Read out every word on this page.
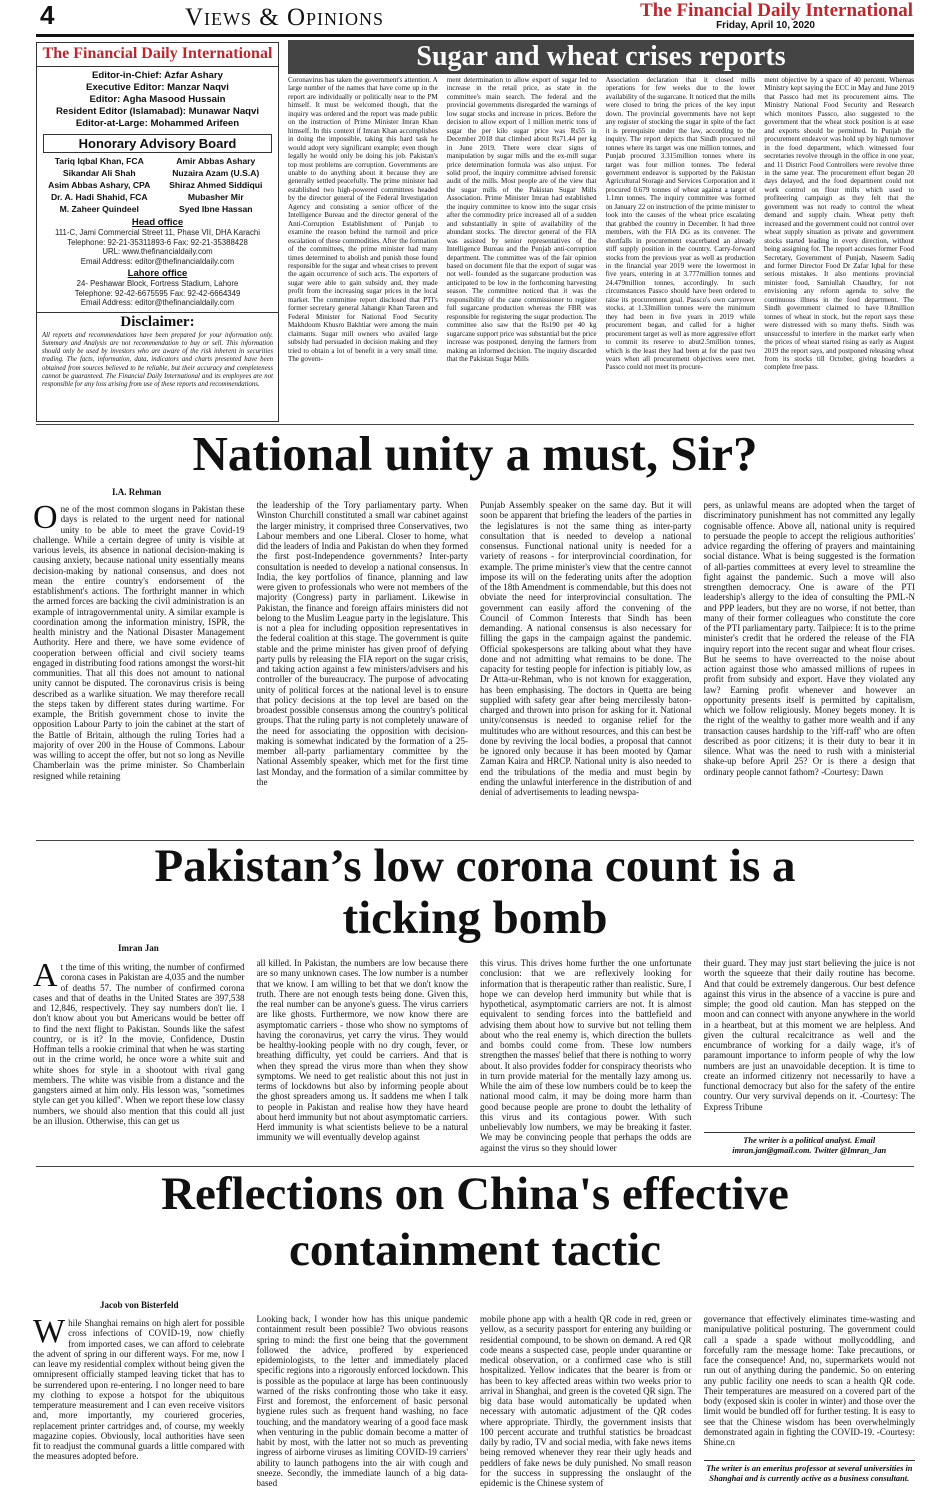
4	Views & Opinions	The Financial Daily International
Friday, April 10, 2020
The Financial Daily International
Editor-in-Chief: Azfar Ashary
Executive Editor: Manzar Naqvi
Editor: Agha Masood Hussain
Resident Editor (Islamabad): Munawar Naqvi
Editor-at-Large: Mohammed Arifeen
Honorary Advisory Board

Tariq Iqbal Khan, FCA

Sikandar Ali Shah

Asim Abbas Ashary, CPA

Dr. A. Hadi Shahid, FCA

M. Zaheer Quindeel

Amir Abbas Ashary

Nuzaira Azam (U.S.A)

Shiraz Ahmed Siddiqui

Mubasher Mir

Syed Ibne Hassan

Head office

111-C, Jami Commercial Street 11, Phase VII, DHA Karachi

Telephone: 92-21-35311893-6 Fax: 92-21-35388428

URL: www.thefinancialdaily.com

Email Address: editor@thefinancialdaily.com

Lahore office

24- Peshawar Block, Fortress Stadium, Lahore

Telephone: 92-42-6675595 Fax: 92-42-6664349

Email Address: editor@thefinancialdaily.com

Disclaimer:
All reports and recommendations have been prepared for your information only. Summary and Analysis are not recommendation to buy or sell. This information should only be used by investors who are aware of the risk inherent in securities trading. The facts, information, data, indicators and charts presented have been obtained from sources believed to be reliable, but their accuracy and completeness cannot be guaranteed. The Financial Daily International and its employees are not responsible for any loss arising from use of these reports and recommendations.
Sugar and wheat crises reports
Coronavirus has taken the government's attention. A large number of the names that have come up in the report are individually or politically near to the PM himself. It must be welcomed though, that the inquiry was ordered and the report was made public on the instruction of Prime Minister Imran Khan himself. In this context if Imran Khan accomplishes in doing the impossible, taking this hard task he would adopt very significant example; even though legally he would only be doing his job. Pakistan's top most problems are corruption. Governments are unable to do anything about it because they are generally settled peacefully. The prime minister had established two high-powered committees headed by the director general of the Federal Investigation Agency and consisting a senior officer of the Intelligence Bureau and the director general of the Anti-Corruption Establishment of Punjab to examine the reason behind the turmoil and price escalation of these commodities. After the formation of the committees, the prime minister had many times determined to abolish and punish those found responsible for the sugar and wheat crises to prevent the again occurrence of such acts. The exporters of sugar were able to gain subsidy and, they made profit from the increasing sugar prices in the local market. The committee report disclosed that PTI's former secretary general Jahangir Khan Tareen and Federal Minister for National Food Security Makhdoom Khusro Bakhtiar were among the main claimants. Sugar mill owners who availed large subsidy had persuaded in decision making and they tried to obtain a lot of benefit in a very small time. The govern-
ment determination to allow export of sugar led to increase in the retail price, as state in the committee's main search. The federal and the provincial governments disregarded the warnings of low sugar stocks and increase in prices. Before the decision to allow export of 1 million metric tons of sugar the per kilo sugar price was Rs55 in December 2018 that climbed about Rs71.44 per kg in June 2019. There were clear signs of manipulation by sugar mills and the ex-mill sugar price determination formula was also unjust. For solid proof, the inquiry committee advised forensic audit of the mills. Most people are of the view that the sugar mills of the Pakistan Sugar Mills Association. Prime Minister Imran had established the inquiry committee to know into the sugar crisis after the commodity price increased all of a sudden and substantially in spite of availability of the abundant stocks. The director general of the FIA was assisted by senior representatives of the Intelligence Bureau and the Punjab anti-corruption department. The committee was of the fair opinion based on document file that the export of sugar was not well- founded as the sugarcane production was anticipated to be low in the forthcoming harvesting season. The committee noticed that it was the responsibility of the cane commissioner to register full sugarcane production whereas the FBR was responsible for registering the sugar production. The committee also saw that the Rs190 per 40 kg sugarcane support price was substantial but the price increase was postponed, denying the farmers from making an informed decision. The inquiry discarded that the Pakistan Sugar Mills
Association declaration that it closed mills operations for few weeks due to the lower availability of the sugarcane. It noticed that the mills were closed to bring the prices of the key input down. The provincial governments have not kept any register of stocking the sugar in spite of the fact it is prerequisite under the law, according to the inquiry. The report depicts that Sindh procured nil tonnes where its target was one million tonnes, and Punjab procured 3.315million tonnes where its target was four million tonnes. The federal government endeavor is supported by the Pakistan Agricultural Storage and Services Corporation and it procured 0.679 tonnes of wheat against a target of 1.1mn tonnes. The inquiry committee was formed on January 22 on instruction of the prime minister to look into the causes of the wheat price escalating that grabbed the country in December. It had three members, with the FIA DG as its convener. The shortfalls in procurement exacerbated an already stiff supply position in the country. Carry-forward stocks from the previous year as well as production in the financial year 2019 were the lowermost in five years, entering in at 3.777million tonnes and 24.479million tonnes, accordingly. In such circumstances Passco should have been ordered to raise its procurement goal. Passco's own carryover stocks, at 1.33million tonnes were the minimum they had been in five years in 2019 while procurement began, and called for a higher procurement target as well as more aggressive effort to commit its reserve to abut2.5million tonnes, which is the least they had been at for the past two years when all procurement objectives were met. Passco could not meet its procure-
ment objective by a space of 40 percent. Whereas Ministry kept saying the ECC in May and June 2019 that Passco had met its procurement aims. The Ministry National Food Security and Research which monitors Passco, also suggested to the government that the wheat stock position is at ease and exports should be permitted. In Punjab the procurement endeavor was hold up by high turnover in the food department, which witnessed four secretaries revolve through in the office in one year, and 11 District Food Controllers were revolve three in the same year. The procurement effort began 20 days delayed, and the food department could not work control on flour mills which used to profiteering campaign as they felt that the government was not ready to control the wheat demand and supply chain. Wheat petty theft increased and the government could not control over wheat supply situation as private and government stocks started leading in every direction, without being assigning for. The report accuses former Food Secretary, Government of Punjab, Naseem Sadiq and former Director Food Dr Zafar Iqbal for these serious mistakes. It also mentions provincial minister food, Samiullah Chaudhry, for not envisioning any reform agenda to solve the continuous illness in the food department. The Sindh government claimed to have 0.8million tonnes of wheat in stock, but the report says these were distressed with so many thefts. Sindh was unsuccessful to interfere in the market early when the prices of wheat started rising as early as August 2019 the report says, and postponed releasing wheat from its stocks till October, giving hoarders a complete free pass.
National unity a must, Sir?
I.A. Rehman
One of the most common slogans in Pakistan these days is related to the urgent need for national unity to be able to meet the grave Covid-19 challenge. While a certain degree of unity is visible at various levels, its absence in national decision-making is causing anxiety, because national unity essentially means decision-making by national consensus, and does not mean the entire country's endorsement of the establishment's actions. The forthright manner in which the armed forces are backing the civil administration is an example of intragovernmental unity. A similar example is coordination among the information ministry, ISPR, the health ministry and the National Disaster Management Authority. Here and there, we have some evidence of cooperation between official and civil society teams engaged in distributing food rations amongst the worst-hit communities. That all this does not amount to national unity cannot be disputed. The coronavirus crisis is being described as a warlike situation. We may therefore recall the steps taken by different states during wartime. For example, the British government chose to invite the opposition Labour Party to join the cabinet at the start of the Battle of Britain, although the ruling Tories had a majority of over 200 in the House of Commons. Labour was willing to accept the offer, but not so long as Neville Chamberlain was the prime minister. So Chamberlain resigned while retaining
the leadership of the Tory parliamentary party. When Winston Churchill constituted a small war cabinet against the larger ministry, it comprised three Conservatives, two Labour members and one Liberal. Closer to home, what did the leaders of India and Pakistan do when they formed the first post-Independence governments? Inter-party consultation is needed to develop a national consensus. In India, the key portfolios of finance, planning and law were given to professionals who were not members of the majority (Congress) party in parliament. Likewise in Pakistan, the finance and foreign affairs ministers did not belong to the Muslim League party in the legislature. This is not a plea for including opposition representatives in the federal coalition at this stage. The government is quite stable and the prime minister has given proof of defying party pulls by releasing the FIA report on the sugar crisis, and taking action against a few ministers/advisers and his controller of the bureaucracy. The purpose of advocating unity of political forces at the national level is to ensure that policy decisions at the top level are based on the broadest possible consensus among the country's political groups. That the ruling party is not completely unaware of the need for associating the opposition with decision-making is somewhat indicated by the formation of a 25-member all-party parliamentary committee by the National Assembly speaker, which met for the first time last Monday, and the formation of a similar committee by the
Punjab Assembly speaker on the same day. But it will soon be apparent that briefing the leaders of the parties in the legislatures is not the same thing as inter-party consultation that is needed to develop a national consensus. Functional national unity is needed for a variety of reasons - for interprovincial coordination, for example. The prime minister's view that the centre cannot impose its will on the federating units after the adoption of the 18th Amendment is commendable, but this does not obviate the need for interprovincial consultation. The government can easily afford the convening of the Council of Common Interests that Sindh has been demanding. A national consensus is also necessary for filling the gaps in the campaign against the pandemic. Official spokespersons are talking about what they have done and not admitting what remains to be done. The capacity for testing people for infection is pitiably low, as Dr Atta-ur-Rehman, who is not known for exaggeration, has been emphasising. The doctors in Quetta are being supplied with safety gear after being mercilessly baton-charged and thrown into prison for asking for it. National unity/consensus is needed to organise relief for the multitudes who are without resources, and this can best be done by reviving the local bodies, a proposal that cannot be ignored only because it has been mooted by Qamar Zaman Kaira and HRCP. National unity is also needed to end the tribulations of the media and must begin by ending the unlawful interference in the distribution of and denial of advertisements to leading newspa-
pers, as unlawful means are adopted when the target of discriminatory punishment has not committed any legally cognisable offence. Above all, national unity is required to persuade the people to accept the religious authorities' advice regarding the offering of prayers and maintaining social distance. What is being suggested is the formation of all-parties committees at every level to streamline the fight against the pandemic. Such a move will also strengthen democracy. One is aware of the PTI leadership's allergy to the idea of consulting the PML-N and PPP leaders, but they are no worse, if not better, than many of their former colleagues who constitute the core of the PTI parliamentary party. Tailpiece: It is to the prime minister's credit that he ordered the release of the FIA inquiry report into the recent sugar and wheat flour crises. But he seems to have overreacted to the noise about action against those who amassed millions of rupees in profit from subsidy and export. Have they violated any law? Earning profit whenever and however an opportunity presents itself is permitted by capitalism, which we follow religiously. Money begets money. It is the right of the wealthy to gather more wealth and if any transaction causes hardship to the 'riff-raff' who are often described as poor citizens; it is their duty to bear it in silence. What was the need to rush with a ministerial shake-up before April 25? Or is there a design that ordinary people cannot fathom? -Courtesy: Dawn
Pakistan’s low corona count is a
ticking bomb
Imran Jan
At the time of this writing, the number of confirmed corona cases in Pakistan are 4,035 and the number of deaths 57. The number of confirmed corona cases and that of deaths in the United States are 397,538 and 12,846, respectively. They say numbers don't lie. I don't know about you but Americans would be better off to find the next flight to Pakistan. Sounds like the safest country, or is it? In the movie, Confidence, Dustin Hoffman tells a rookie criminal that when he was starting out in the crime world, he once wore a white suit and white shoes for style in a shootout with rival gang members. The white was visible from a distance and the gangsters aimed at him only. His lesson was, "sometimes style can get you killed". When we report these low classy numbers, we should also mention that this could all just be an illusion. Otherwise, this can get us
all killed. In Pakistan, the numbers are low because there are so many unknown cases. The low number is a number that we know. I am willing to bet that we don't know the truth. There are not enough tests being done. Given this, the real number can be anyone's guess. The virus carriers are like ghosts. Furthermore, we now know there are asymptomatic carriers - those who show no symptoms of having the coronavirus, yet carry the virus. They would be healthy-looking people with no dry cough, fever, or breathing difficulty, yet could be carriers. And that is when they spread the virus more than when they show symptoms. We need to get realistic about this not just in terms of lockdowns but also by informing people about the ghost spreaders among us. It saddens me when I talk to people in Pakistan and realise how they have heard about herd immunity but not about asymptomatic carriers. Herd immunity is what scientists believe to be a natural immunity we will eventually develop against
this virus. This drives home further the one unfortunate conclusion: that we are reflexively looking for information that is therapeutic rather than realistic. Sure, I hope we can develop herd immunity but while that is hypothetical, asymptomatic carriers are not. It is almost equivalent to sending forces into the battlefield and advising them about how to survive but not telling them about who the real enemy is, which direction the bullets and bombs could come from. These low numbers strengthen the masses' belief that there is nothing to worry about. It also provides fodder for conspiracy theorists who in turn provide material for the mentally lazy among us. While the aim of these low numbers could be to keep the national mood calm, it may be doing more harm than good because people are prone to doubt the lethality of this virus and its contagious power. With such unbelievably low numbers, we may be breaking it faster. We may be convincing people that perhaps the odds are against the virus so they should lower
their guard. They may just start believing the juice is not worth the squeeze that their daily routine has become. And that could be extremely dangerous. Our best defence against this virus in the absence of a vaccine is pure and simple; the good old caution. Man has stepped on the moon and can connect with anyone anywhere in the world in a heartbeat, but at this moment we are helpless. And given the cultural recalcitrance as well and the encumbrance of working for a daily wage, it's of paramount importance to inform people of why the low numbers are just an unavoidable deception. It is time to create an informed citizenry not necessarily to have a functional democracy but also for the safety of the entire country. Our very survival depends on it. -Courtesy: The Express Tribune
The writer is a political analyst. Email imran.jan@gmail.com. Twitter @Imran_Jan
Reflections on China's effective
containment tactic
Jacob von Bisterfeld
While Shanghai remains on high alert for possible cross infections of COVID-19, now chiefly from imported cases, we can afford to celebrate the advent of spring in our different ways. For me, now I can leave my residential complex without being given the omnipresent officially stamped leaving ticket that has to be surrendered upon re-entering. I no longer need to bare my clothing to expose a hotspot for the ubiquitous temperature measurement and I can even receive visitors and, more importantly, my couriered groceries, replacement printer cartridges and, of course, my weekly magazine copies. Obviously, local authorities have seen fit to readjust the communal guards a little compared with the measures adopted before.
Looking back, I wonder how has this unique pandemic containment result been possible? Two obvious reasons spring to mind: the first one being that the government followed the advice, proffered by experienced epidemiologists, to the letter and immediately placed specific regions into a rigorously enforced lockdown. This is possible as the populace at large has been continuously warned of the risks confronting those who take it easy. First and foremost, the enforcement of basic personal hygiene rules such as frequent hand washing, no face touching, and the mandatory wearing of a good face mask when venturing in the public domain become a matter of habit by most, with the latter not so much as preventing ingress of airborne viruses as limiting COVID-19 carriers' ability to launch pathogens into the air with cough and sneeze. Secondly, the immediate launch of a big data-based
mobile phone app with a health QR code in red, green or yellow, as a security passport for entering any building or residential compound, to be shown on demand. A red QR code means a suspected case, people under quarantine or medical observation, or a confirmed case who is still hospitalized. Yellow indicates that the bearer is from or has been to key affected areas within two weeks prior to arrival in Shanghai, and green is the coveted QR sign. The big data base would automatically be updated when necessary with automatic adjustment of the QR codes where appropriate. Thirdly, the government insists that 100 percent accurate and truthful statistics be broadcast daily by radio, TV and social media, with fake news items being removed whenever they rear their ugly heads and peddlers of fake news be duly punished. No small reason for the success in suppressing the onslaught of the epidemic is the Chinese system of
governance that effectively eliminates time-wasting and manipulative political posturing. The government could call a spade a spade without mollycoddling, and forcefully ram the message home: Take precautions, or face the consequence! And, no, supermarkets would not run out of anything during the pandemic. So on entering any public facility one needs to scan a health QR code. Their temperatures are measured on a covered part of the body (exposed skin is cooler in winter) and those over the limit would be bundled off for further testing. It is easy to see that the Chinese wisdom has been overwhelmingly demonstrated again in fighting the COVID-19. -Courtesy: Shine.cn
The writer is an emeritus professor at several universities in Shanghai and is currently active as a business consultant.
